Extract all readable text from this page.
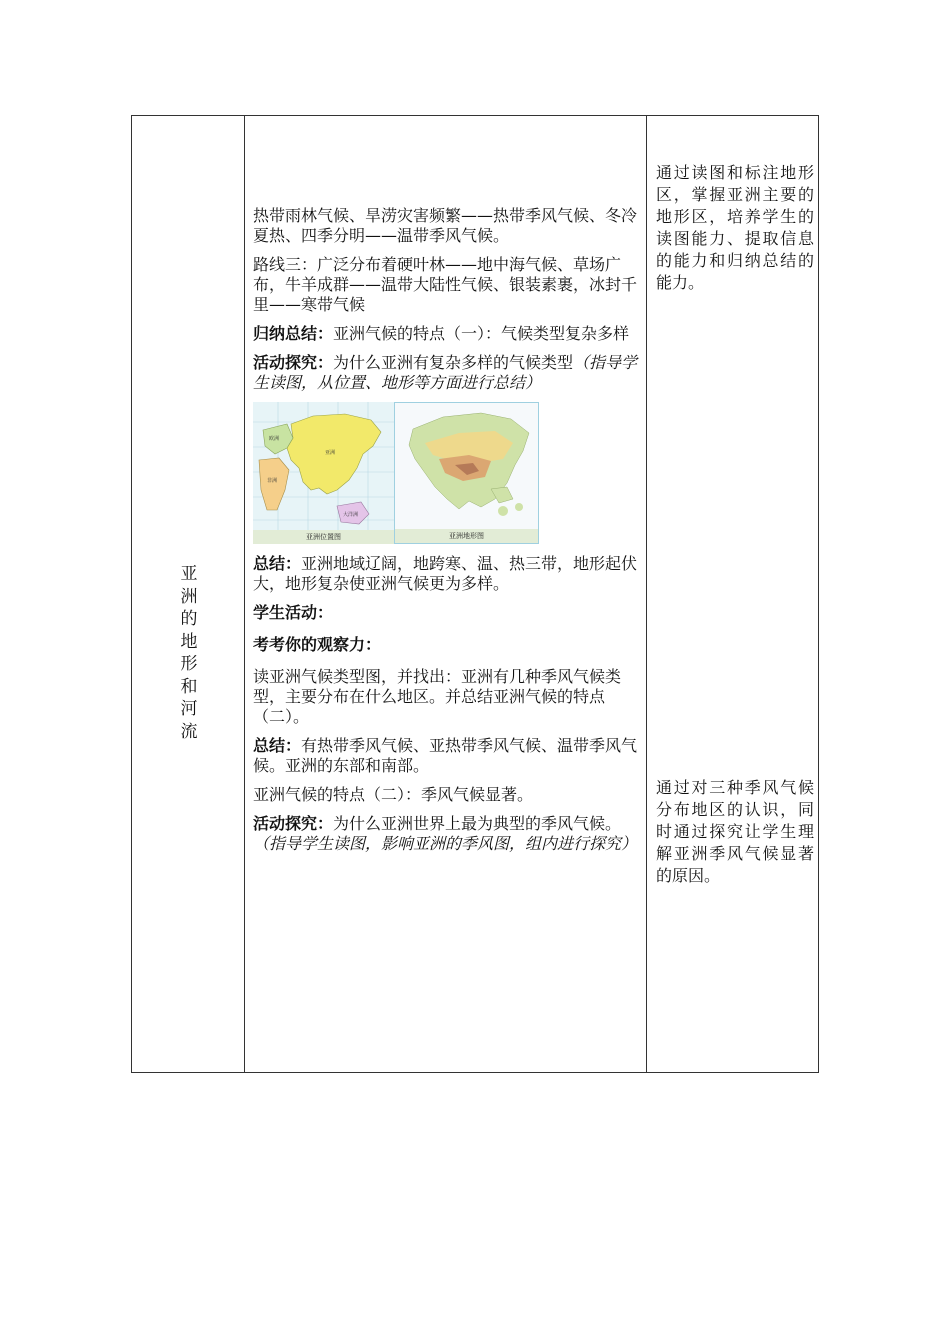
亚
洲
的
地
形
和
河
流

热带雨林气候、旱涝灾害频繁——热带季风气候、冬冷夏热、四季分明——温带季风气候。

路线三：广泛分布着硬叶林——地中海气候、草场广布，牛羊成群——温带大陆性气候、银装素裹，冰封千里——寒带气候

归纳总结：亚洲气候的特点（一）：气候类型复杂多样

活动探究：为什么亚洲有复杂多样的气候类型（指导学生读图，从位置、地形等方面进行总结）

亚洲
非洲
欧洲
大洋洲
亚洲位置图	亚洲地形图

总结：亚洲地域辽阔，地跨寒、温、热三带，地形起伏大，地形复杂使亚洲气候更为多样。

学生活动：

考考你的观察力：

读亚洲气候类型图，并找出：亚洲有几种季风气候类型，主要分布在什么地区。并总结亚洲气候的特点（二）。

总结：有热带季风气候、亚热带季风气候、温带季风气候。亚洲的东部和南部。

亚洲气候的特点（二）：季风气候显著。

活动探究：为什么亚洲世界上最为典型的季风气候。（指导学生读图，影响亚洲的季风图，组内进行探究）

通过读图和标注地形区，掌握亚洲主要的地形区，培养学生的读图能力、提取信息的能力和归纳总结的能力。
通过对三种季风气候分布地区的认识，同时通过探究让学生理解亚洲季风气候显著的原因。
